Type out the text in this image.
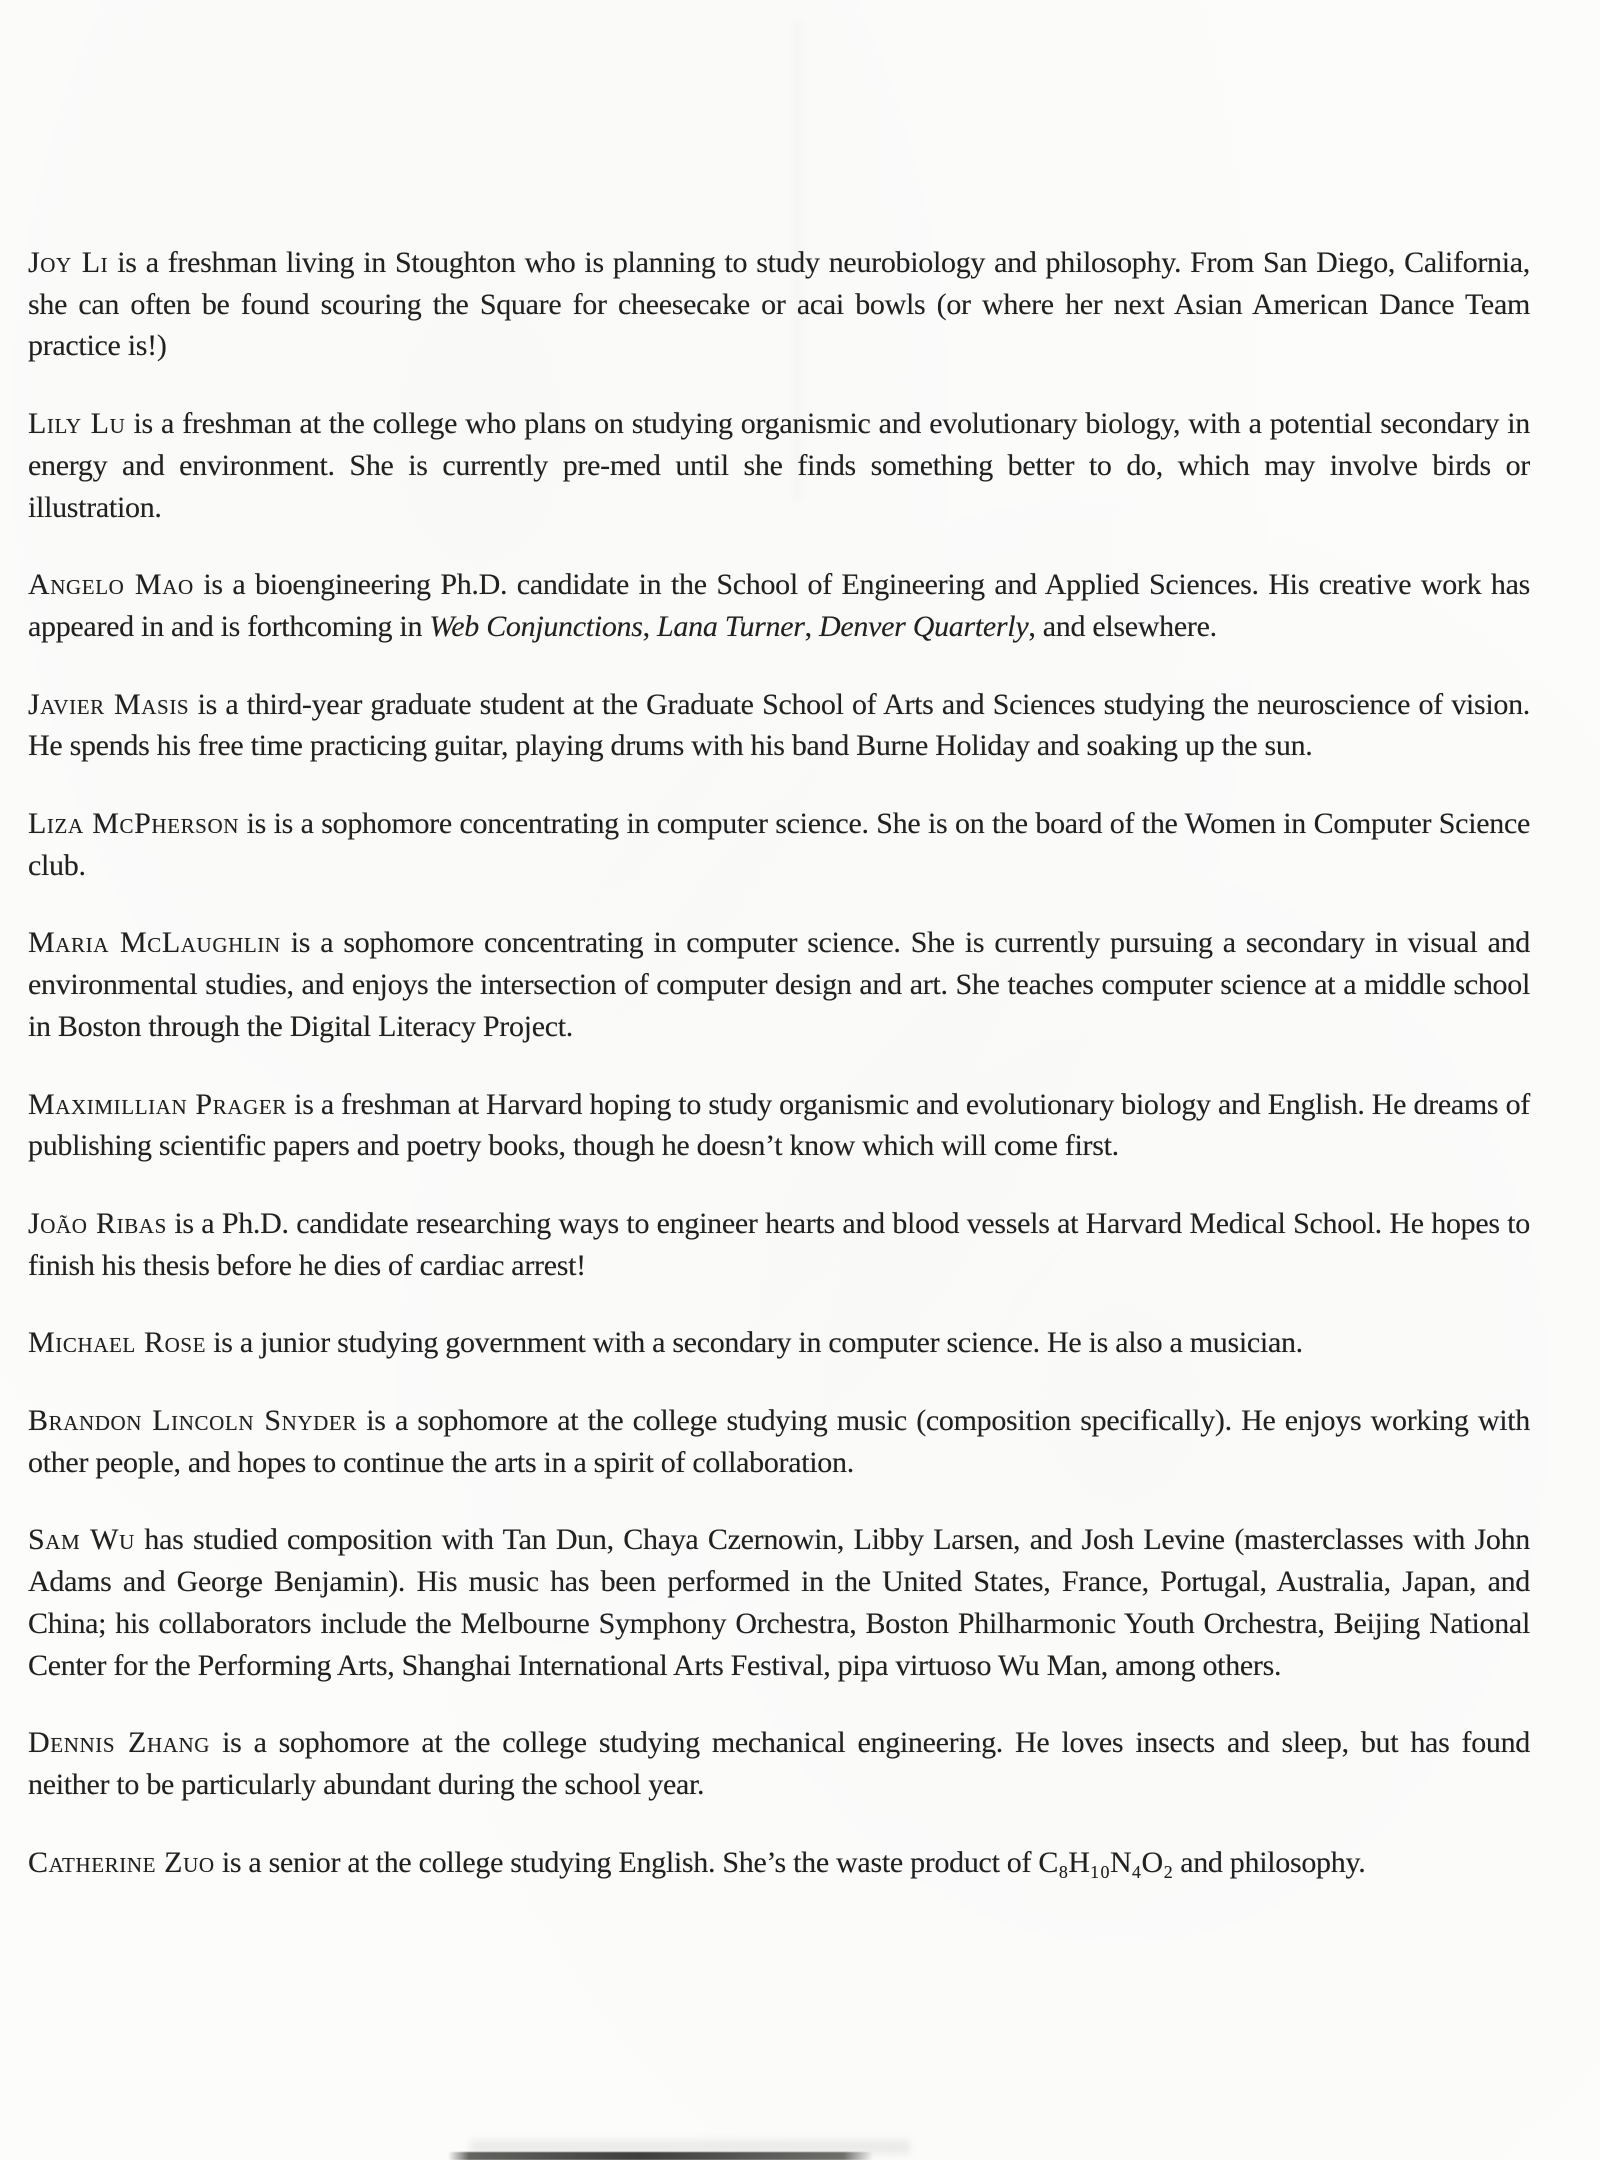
Joy Li is a freshman living in Stoughton who is planning to study neurobiology and philosophy. From San Diego, California, she can often be found scouring the Square for cheesecake or acai bowls (or where her next Asian American Dance Team practice is!)

Lily Lu is a freshman at the college who plans on studying organismic and evolutionary biology, with a potential secondary in energy and environment. She is currently pre-med until she finds something better to do, which may involve birds or illustration.

Angelo Mao is a bioengineering Ph.D. candidate in the School of Engineering and Applied Sciences. His creative work has appeared in and is forthcoming in Web Conjunctions, Lana Turner, Denver Quarterly, and elsewhere.

Javier Masis is a third-year graduate student at the Graduate School of Arts and Sciences studying the neuroscience of vision. He spends his free time practicing guitar, playing drums with his band Burne Holiday and soaking up the sun.

Liza McPherson is is a sophomore concentrating in computer science. She is on the board of the Women in Computer Science club.

Maria McLaughlin is a sophomore concentrating in computer science. She is currently pursuing a secondary in visual and environmental studies, and enjoys the intersection of computer design and art. She teaches computer science at a middle school in Boston through the Digital Literacy Project.

Maximillian Prager is a freshman at Harvard hoping to study organismic and evolutionary biology and English. He dreams of publishing scientific papers and poetry books, though he doesn’t know which will come first.

João Ribas is a Ph.D. candidate researching ways to engineer hearts and blood vessels at Harvard Medical School. He hopes to finish his thesis before he dies of cardiac arrest!

Michael Rose is a junior studying government with a secondary in computer science. He is also a musician.

Brandon Lincoln Snyder is a sophomore at the college studying music (composition specifically). He enjoys working with other people, and hopes to continue the arts in a spirit of collaboration.

Sam Wu has studied composition with Tan Dun, Chaya Czernowin, Libby Larsen, and Josh Levine (masterclasses with John Adams and George Benjamin). His music has been performed in the United States, France, Portugal, Australia, Japan, and China; his collaborators include the Melbourne Symphony Orchestra, Boston Philharmonic Youth Orchestra, Beijing National Center for the Performing Arts, Shanghai International Arts Festival, pipa virtuoso Wu Man, among others.

Dennis Zhang is a sophomore at the college studying mechanical engineering. He loves insects and sleep, but has found neither to be particularly abundant during the school year.

Catherine Zuo is a senior at the college studying English. She’s the waste product of C₈H₁₀N₄O₂ and philosophy.
